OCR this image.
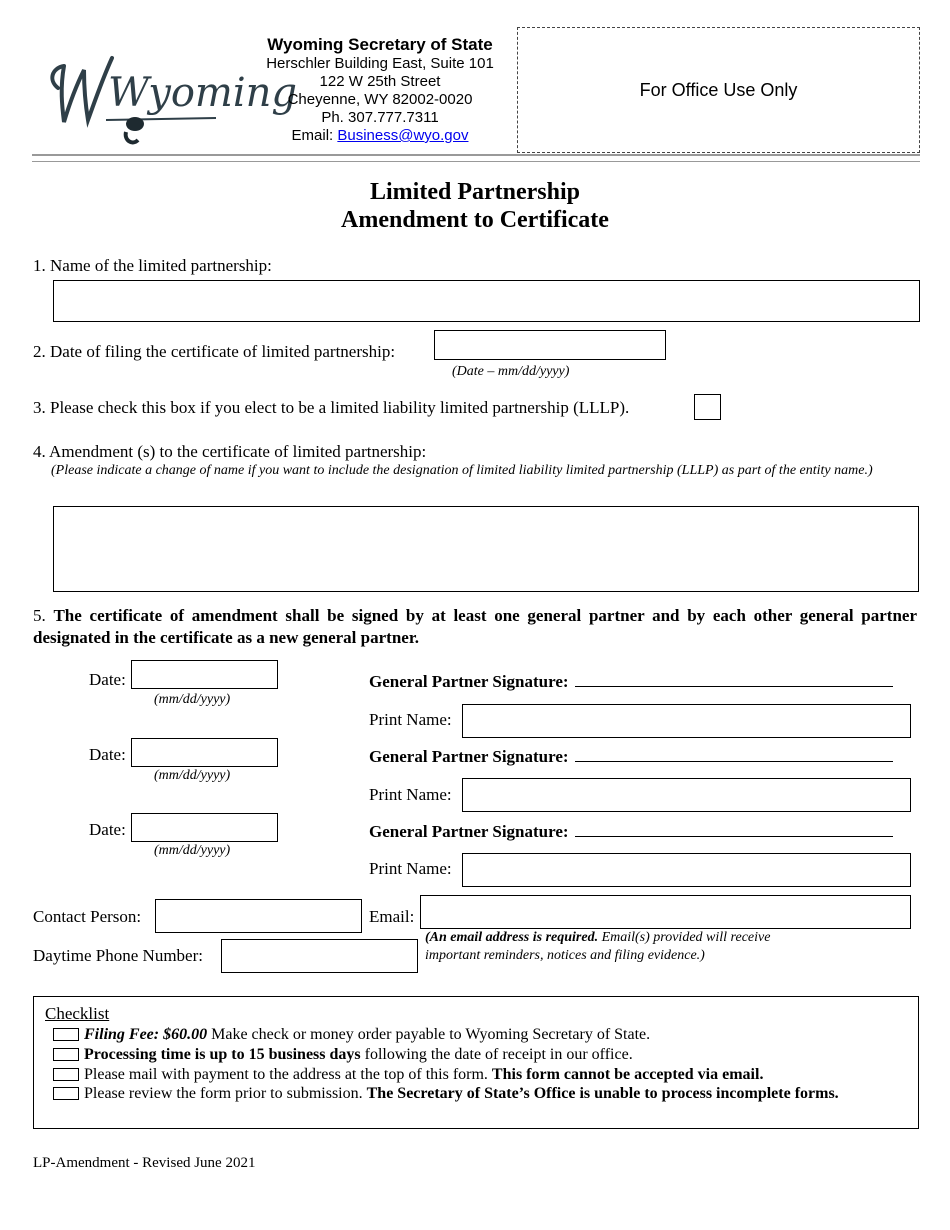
Wyoming
Wyoming Secretary of State
Herschler Building East, Suite 101
122 W 25th Street
Cheyenne, WY 82002-0020
Ph. 307.777.7311
Email: Business@wyo.gov
For Office Use Only
Limited Partnership
Amendment to Certificate
1. Name of the limited partnership:
2. Date of filing the certificate of limited partnership:
(Date – mm/dd/yyyy)
3. Please check this box if you elect to be a limited liability limited partnership (LLLP).
4. Amendment (s) to the certificate of limited partnership:
(Please indicate a change of name if you want to include the designation of limited liability limited partnership (LLLP) as part of the entity name.)
5. The certificate of amendment shall be signed by at least one general partner and by each other general partner designated in the certificate as a new general partner.
Date:
(mm/dd/yyyy)
General Partner Signature:
Print Name:
Date:
(mm/dd/yyyy)
General Partner Signature:
Print Name:
Date:
(mm/dd/yyyy)
General Partner Signature:
Print Name:
Contact Person:	Email:
Daytime Phone Number:
(An email address is required. Email(s) provided will receive
important reminders, notices and filing evidence.)
Checklist
Filing Fee: $60.00 Make check or money order payable to Wyoming Secretary of State.
Processing time is up to 15 business days following the date of receipt in our office.
Please mail with payment to the address at the top of this form. This form cannot be accepted via email.
Please review the form prior to submission. The Secretary of State’s Office is unable to process incomplete forms.
LP-Amendment - Revised June 2021
